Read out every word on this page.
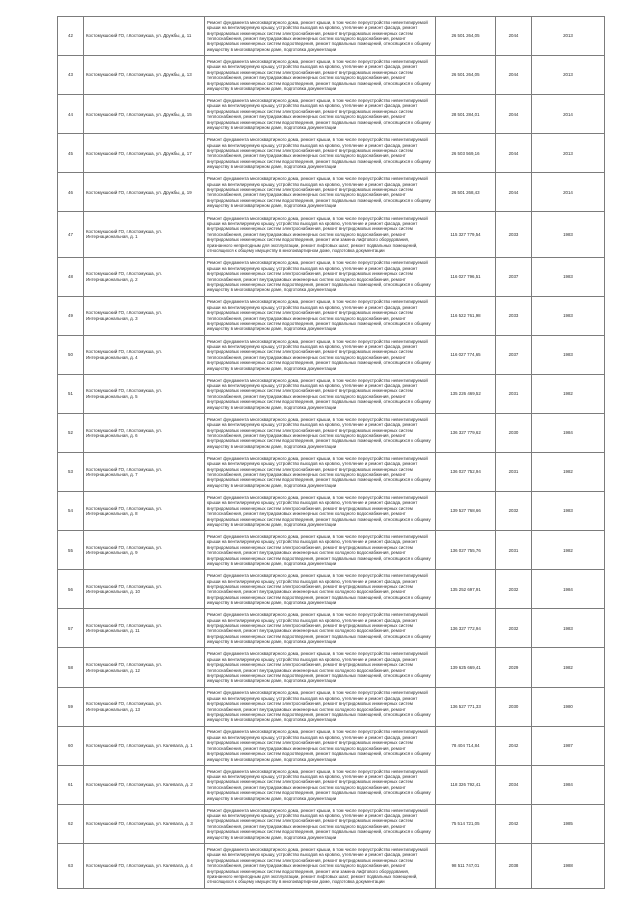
42	Костомукшский ГО, г.Костомукша, ул. Дружбы, д. 11	Ремонт фундамента многоквартирного дома, ремонт крыши, в том числе переустройство невентилируемой крыши на вентилируемую крышу, устройство выходов на кровлю, утепление и ремонт фасада, ремонт внутридомовых инженерных систем электроснабжения, ремонт внутридомовых инженерных систем теплоснабжения, ремонт внутридомовых инженерных систем холодного водоснабжения, ремонт внутридомовых инженерных систем водоотведения, ремонт подвальных помещений, относящихся к общему имуществу в многоквартирном доме, подготовка документации	26 501 264,05	2044	2013
43	Костомукшский ГО, г.Костомукша, ул. Дружбы, д. 13	Ремонт фундамента многоквартирного дома, ремонт крыши, в том числе переустройство невентилируемой крыши на вентилируемую крышу, устройство выходов на кровлю, утепление и ремонт фасада, ремонт внутридомовых инженерных систем электроснабжения, ремонт внутридомовых инженерных систем теплоснабжения, ремонт внутридомовых инженерных систем холодного водоснабжения, ремонт внутридомовых инженерных систем водоотведения, ремонт подвальных помещений, относящихся к общему имуществу в многоквартирном доме, подготовка документации	26 501 264,05	2044	2013
44	Костомукшский ГО, г.Костомукша, ул. Дружбы, д. 15	Ремонт фундамента многоквартирного дома, ремонт крыши, в том числе переустройство невентилируемой крыши на вентилируемую крышу, устройство выходов на кровлю, утепление и ремонт фасада, ремонт внутридомовых инженерных систем электроснабжения, ремонт внутридомовых инженерных систем теплоснабжения, ремонт внутридомовых инженерных систем холодного водоснабжения, ремонт внутридомовых инженерных систем водоотведения, ремонт подвальных помещений, относящихся к общему имуществу в многоквартирном доме, подготовка документации	28 501 284,01	2044	2014
45	Костомукшский ГО, г.Костомукша, ул. Дружбы, д. 17	Ремонт фундамента многоквартирного дома, ремонт крыши, в том числе переустройство невентилируемой крыши на вентилируемую крышу, устройство выходов на кровлю, утепление и ремонт фасада, ремонт внутридомовых инженерных систем электроснабжения, ремонт внутридомовых инженерных систем теплоснабжения, ремонт внутридомовых инженерных систем холодного водоснабжения, ремонт внутридомовых инженерных систем водоотведения, ремонт подвальных помещений, относящихся к общему имуществу в многоквартирном доме, подготовка документации	26 503 569,16	2044	2013
46	Костомукшский ГО, г.Костомукша, ул. Дружбы, д. 19	Ремонт фундамента многоквартирного дома, ремонт крыши, в том числе переустройство невентилируемой крыши на вентилируемую крышу, устройство выходов на кровлю, утепление и ремонт фасада, ремонт внутридомовых инженерных систем электроснабжения, ремонт внутридомовых инженерных систем теплоснабжения, ремонт внутридомовых инженерных систем холодного водоснабжения, ремонт внутридомовых инженерных систем водоотведения, ремонт подвальных помещений, относящихся к общему имуществу в многоквартирном доме, подготовка документации	26 501 268,43	2044	2014
47	Костомукшский ГО, г.Костомукша, ул. Интернациональная, д. 1	Ремонт фундамента многоквартирного дома, ремонт крыши, в том числе переустройство невентилируемой крыши на вентилируемую крышу, устройство выходов на кровлю, утепление и ремонт фасада, ремонт внутридомовых инженерных систем электроснабжения, ремонт внутридомовых инженерных систем теплоснабжения, ремонт внутридомовых инженерных систем холодного водоснабжения, ремонт внутридомовых инженерных систем водоотведения, ремонт или замена лифтового оборудования, признанного непригодным для эксплуатации, ремонт лифтовых шахт, ремонт подвальных помещений, относящихся к общему имуществу в многоквартирном доме, подготовка документации	115 327 779,54	2033	1983
48	Костомукшский ГО, г.Костомукша, ул. Интернациональная, д. 2	Ремонт фундамента многоквартирного дома, ремонт крыши, в том числе переустройство невентилируемой крыши на вентилируемую крышу, устройство выходов на кровлю, утепление и ремонт фасада, ремонт внутридомовых инженерных систем электроснабжения, ремонт внутридомовых инженерных систем теплоснабжения, ремонт внутридомовых инженерных систем холодного водоснабжения, ремонт внутридомовых инженерных систем водоотведения, ремонт подвальных помещений, относящихся к общему имуществу в многоквартирном доме, подготовка документации	116 027 796,51	2037	1983
49	Костомукшский ГО, г.Костомукша, ул. Интернациональная, д. 3	Ремонт фундамента многоквартирного дома, ремонт крыши, в том числе переустройство невентилируемой крыши на вентилируемую крышу, устройство выходов на кровлю, утепление и ремонт фасада, ремонт внутридомовых инженерных систем электроснабжения, ремонт внутридомовых инженерных систем теплоснабжения, ремонт внутридомовых инженерных систем холодного водоснабжения, ремонт внутридомовых инженерных систем водоотведения, ремонт подвальных помещений, относящихся к общему имуществу в многоквартирном доме, подготовка документации	116 522 761,98	2033	1983
50	Костомукшский ГО, г.Костомукша, ул. Интернациональная, д. 4	Ремонт фундамента многоквартирного дома, ремонт крыши, в том числе переустройство невентилируемой крыши на вентилируемую крышу, устройство выходов на кровлю, утепление и ремонт фасада, ремонт внутридомовых инженерных систем электроснабжения, ремонт внутридомовых инженерных систем теплоснабжения, ремонт внутридомовых инженерных систем холодного водоснабжения, ремонт внутридомовых инженерных систем водоотведения, ремонт подвальных помещений, относящихся к общему имуществу в многоквартирном доме, подготовка документации	116 027 774,65	2037	1983
51	Костомукшский ГО, г.Костомукша, ул. Интернациональная, д. 5	Ремонт фундамента многоквартирного дома, ремонт крыши, в том числе переустройство невентилируемой крыши на вентилируемую крышу, устройство выходов на кровлю, утепление и ремонт фасада, ремонт внутридомовых инженерных систем электроснабжения, ремонт внутридомовых инженерных систем теплоснабжения, ремонт внутридомовых инженерных систем холодного водоснабжения, ремонт внутридомовых инженерных систем водоотведения, ремонт подвальных помещений, относящихся к общему имуществу в многоквартирном доме, подготовка документации	135 226 469,52	2031	1982
52	Костомукшский ГО, г.Костомукша, ул. Интернациональная, д. 6	Ремонт фундамента многоквартирного дома, ремонт крыши, в том числе переустройство невентилируемой крыши на вентилируемую крышу, устройство выходов на кровлю, утепление и ремонт фасада, ремонт внутридомовых инженерных систем электроснабжения, ремонт внутридомовых инженерных систем теплоснабжения, ремонт внутридомовых инженерных систем холодного водоснабжения, ремонт внутридомовых инженерных систем водоотведения, ремонт подвальных помещений, относящихся к общему имуществу в многоквартирном доме, подготовка документации	136 327 779,62	2030	1984
53	Костомукшский ГО, г.Костомукша, ул. Интернациональная, д. 7	Ремонт фундамента многоквартирного дома, ремонт крыши, в том числе переустройство невентилируемой крыши на вентилируемую крышу, устройство выходов на кровлю, утепление и ремонт фасада, ремонт внутридомовых инженерных систем электроснабжения, ремонт внутридомовых инженерных систем теплоснабжения, ремонт внутридомовых инженерных систем холодного водоснабжения, ремонт внутридомовых инженерных систем водоотведения, ремонт подвальных помещений, относящихся к общему имуществу в многоквартирном доме, подготовка документации	136 027 752,94	2031	1982
54	Костомукшский ГО, г.Костомукша, ул. Интернациональная, д. 8	Ремонт фундамента многоквартирного дома, ремонт крыши, в том числе переустройство невентилируемой крыши на вентилируемую крышу, устройство выходов на кровлю, утепление и ремонт фасада, ремонт внутридомовых инженерных систем электроснабжения, ремонт внутридомовых инженерных систем теплоснабжения, ремонт внутридомовых инженерных систем холодного водоснабжения, ремонт внутридомовых инженерных систем водоотведения, ремонт подвальных помещений, относящихся к общему имуществу в многоквартирном доме, подготовка документации	139 527 768,66	2032	1983
55	Костомукшский ГО, г.Костомукша, ул. Интернациональная, д. 9	Ремонт фундамента многоквартирного дома, ремонт крыши, в том числе переустройство невентилируемой крыши на вентилируемую крышу, устройство выходов на кровлю, утепление и ремонт фасада, ремонт внутридомовых инженерных систем электроснабжения, ремонт внутридомовых инженерных систем теплоснабжения, ремонт внутридомовых инженерных систем холодного водоснабжения, ремонт внутридомовых инженерных систем водоотведения, ремонт подвальных помещений, относящихся к общему имуществу в многоквартирном доме, подготовка документации	136 027 755,76	2031	1982
56	Костомукшский ГО, г.Костомукша, ул. Интернациональная, д. 10	Ремонт фундамента многоквартирного дома, ремонт крыши, в том числе переустройство невентилируемой крыши на вентилируемую крышу, устройство выходов на кровлю, утепление и ремонт фасада, ремонт внутридомовых инженерных систем электроснабжения, ремонт внутридомовых инженерных систем теплоснабжения, ремонт внутридомовых инженерных систем холодного водоснабжения, ремонт внутридомовых инженерных систем водоотведения, ремонт подвальных помещений, относящихся к общему имуществу в многоквартирном доме, подготовка документации	135 252 697,91	2032	1984
57	Костомукшский ГО, г.Костомукша, ул. Интернациональная, д. 11	Ремонт фундамента многоквартирного дома, ремонт крыши, в том числе переустройство невентилируемой крыши на вентилируемую крышу, устройство выходов на кровлю, утепление и ремонт фасада, ремонт внутридомовых инженерных систем электроснабжения, ремонт внутридомовых инженерных систем теплоснабжения, ремонт внутридомовых инженерных систем холодного водоснабжения, ремонт внутридомовых инженерных систем водоотведения, ремонт подвальных помещений, относящихся к общему имуществу в многоквартирном доме, подготовка документации	136 327 772,94	2032	1983
58	Костомукшский ГО, г.Костомукша, ул. Интернациональная, д. 12	Ремонт фундамента многоквартирного дома, ремонт крыши, в том числе переустройство невентилируемой крыши на вентилируемую крышу, устройство выходов на кровлю, утепление и ремонт фасада, ремонт внутридомовых инженерных систем электроснабжения, ремонт внутридомовых инженерных систем теплоснабжения, ремонт внутридомовых инженерных систем холодного водоснабжения, ремонт внутридомовых инженерных систем водоотведения, ремонт подвальных помещений, относящихся к общему имуществу в многоквартирном доме, подготовка документации	139 625 669,41	2029	1982
59	Костомукшский ГО, г.Костомукша, ул. Интернациональная, д. 13	Ремонт фундамента многоквартирного дома, ремонт крыши, в том числе переустройство невентилируемой крыши на вентилируемую крышу, устройство выходов на кровлю, утепление и ремонт фасада, ремонт внутридомовых инженерных систем электроснабжения, ремонт внутридомовых инженерных систем теплоснабжения, ремонт внутридомовых инженерных систем холодного водоснабжения, ремонт внутридомовых инженерных систем водоотведения, ремонт подвальных помещений, относящихся к общему имуществу в многоквартирном доме, подготовка документации	136 527 771,33	2030	1980
60	Костомукшский ГО, г.Костомукша, ул. Калевала, д. 1	Ремонт фундамента многоквартирного дома, ремонт крыши, в том числе переустройство невентилируемой крыши на вентилируемую крышу, устройство выходов на кровлю, утепление и ремонт фасада, ремонт внутридомовых инженерных систем электроснабжения, ремонт внутридомовых инженерных систем теплоснабжения, ремонт внутридомовых инженерных систем холодного водоснабжения, ремонт внутридомовых инженерных систем водоотведения, ремонт подвальных помещений, относящихся к общему имуществу в многоквартирном доме, подготовка документации	78 404 714,84	2042	1987
61	Костомукшский ГО, г.Костомукша, ул. Калевала, д. 2	Ремонт фундамента многоквартирного дома, ремонт крыши, в том числе переустройство невентилируемой крыши на вентилируемую крышу, устройство выходов на кровлю, утепление и ремонт фасада, ремонт внутридомовых инженерных систем электроснабжения, ремонт внутридомовых инженерных систем теплоснабжения, ремонт внутридомовых инженерных систем холодного водоснабжения, ремонт внутридомовых инженерных систем водоотведения, ремонт подвальных помещений, относящихся к общему имуществу в многоквартирном доме, подготовка документации	118 326 792,41	2034	1984
62	Костомукшский ГО, г.Костомукша, ул. Калевала, д. 3	Ремонт фундамента многоквартирного дома, ремонт крыши, в том числе переустройство невентилируемой крыши на вентилируемую крышу, устройство выходов на кровлю, утепление и ремонт фасада, ремонт внутридомовых инженерных систем электроснабжения, ремонт внутридомовых инженерных систем теплоснабжения, ремонт внутридомовых инженерных систем холодного водоснабжения, ремонт внутридомовых инженерных систем водоотведения, ремонт подвальных помещений, относящихся к общему имуществу в многоквартирном доме, подготовка документации	75 514 721,05	2042	1985
63	Костомукшский ГО, г.Костомукша, ул. Калевала, д. 4	Ремонт фундамента многоквартирного дома, ремонт крыши, в том числе переустройство невентилируемой крыши на вентилируемую крышу, устройство выходов на кровлю, утепление и ремонт фасада, ремонт внутридомовых инженерных систем электроснабжения, ремонт внутридомовых инженерных систем теплоснабжения, ремонт внутридомовых инженерных систем холодного водоснабжения, ремонт внутридомовых инженерных систем водоотведения, ремонт или замена лифтового оборудования, признанного непригодным для эксплуатации, ремонт лифтовых шахт, ремонт подвальных помещений, относящихся к общему имуществу в многоквартирном доме, подготовка документации	98 511 747,01	2038	1988
